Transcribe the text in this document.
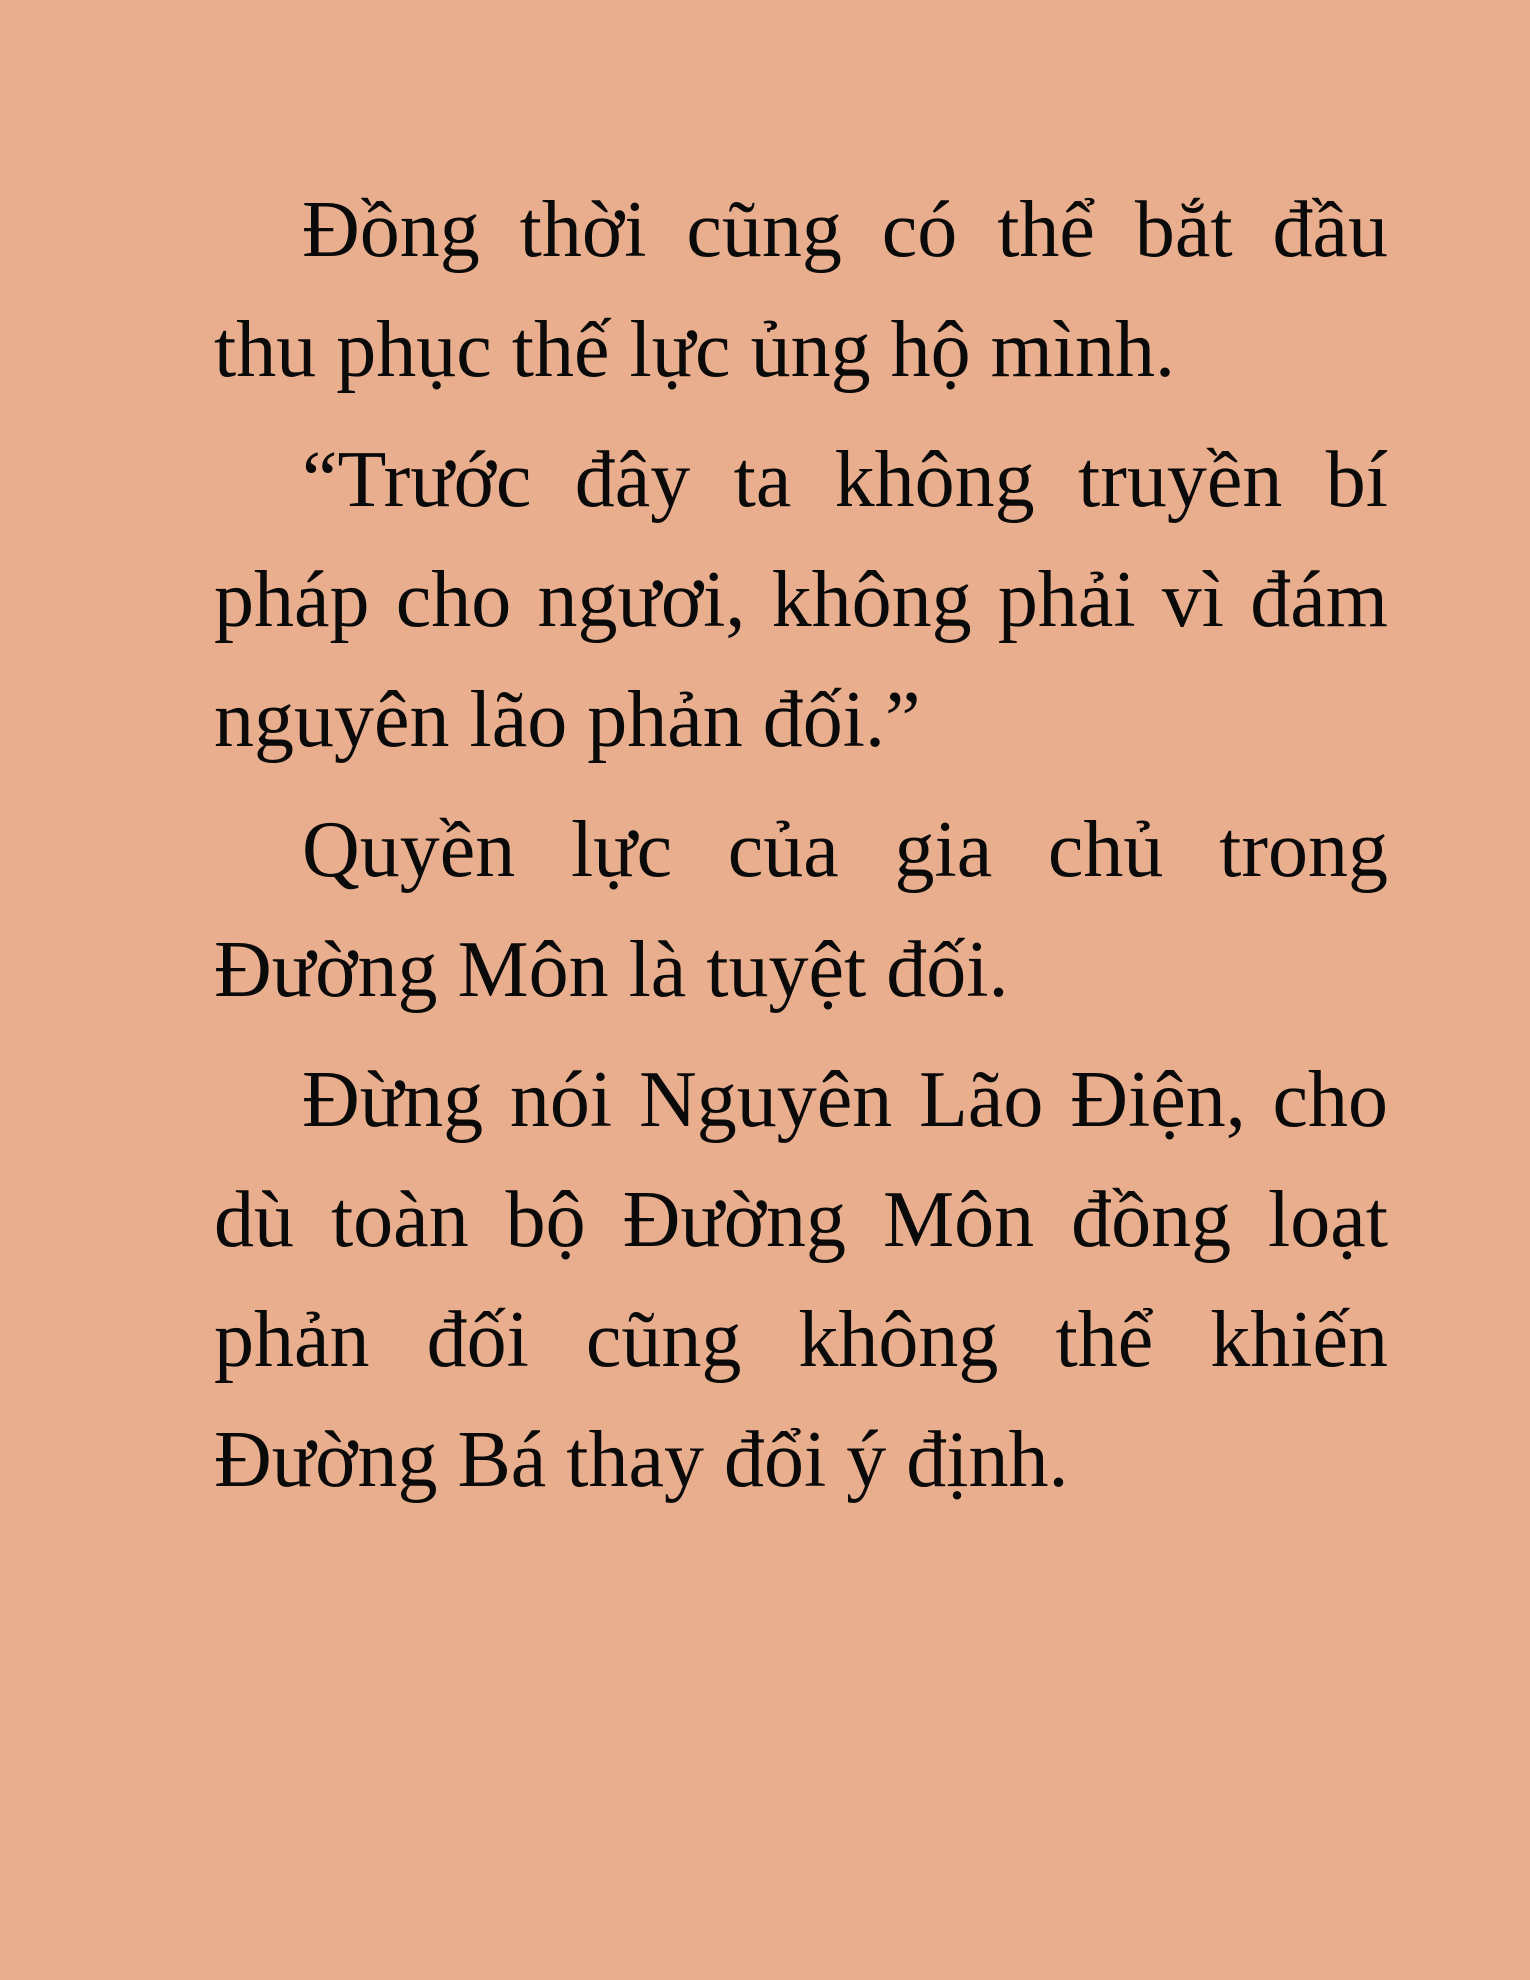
Đồng thời cũng có thể bắt đầu thu phục thế lực ủng hộ mình.

“Trước đây ta không truyền bí pháp cho ngươi, không phải vì đám nguyên lão phản đối.”

Quyền lực của gia chủ trong Đường Môn là tuyệt đối.

Đừng nói Nguyên Lão Điện, cho dù toàn bộ Đường Môn đồng loạt phản đối cũng không thể khiến Đường Bá thay đổi ý định.
